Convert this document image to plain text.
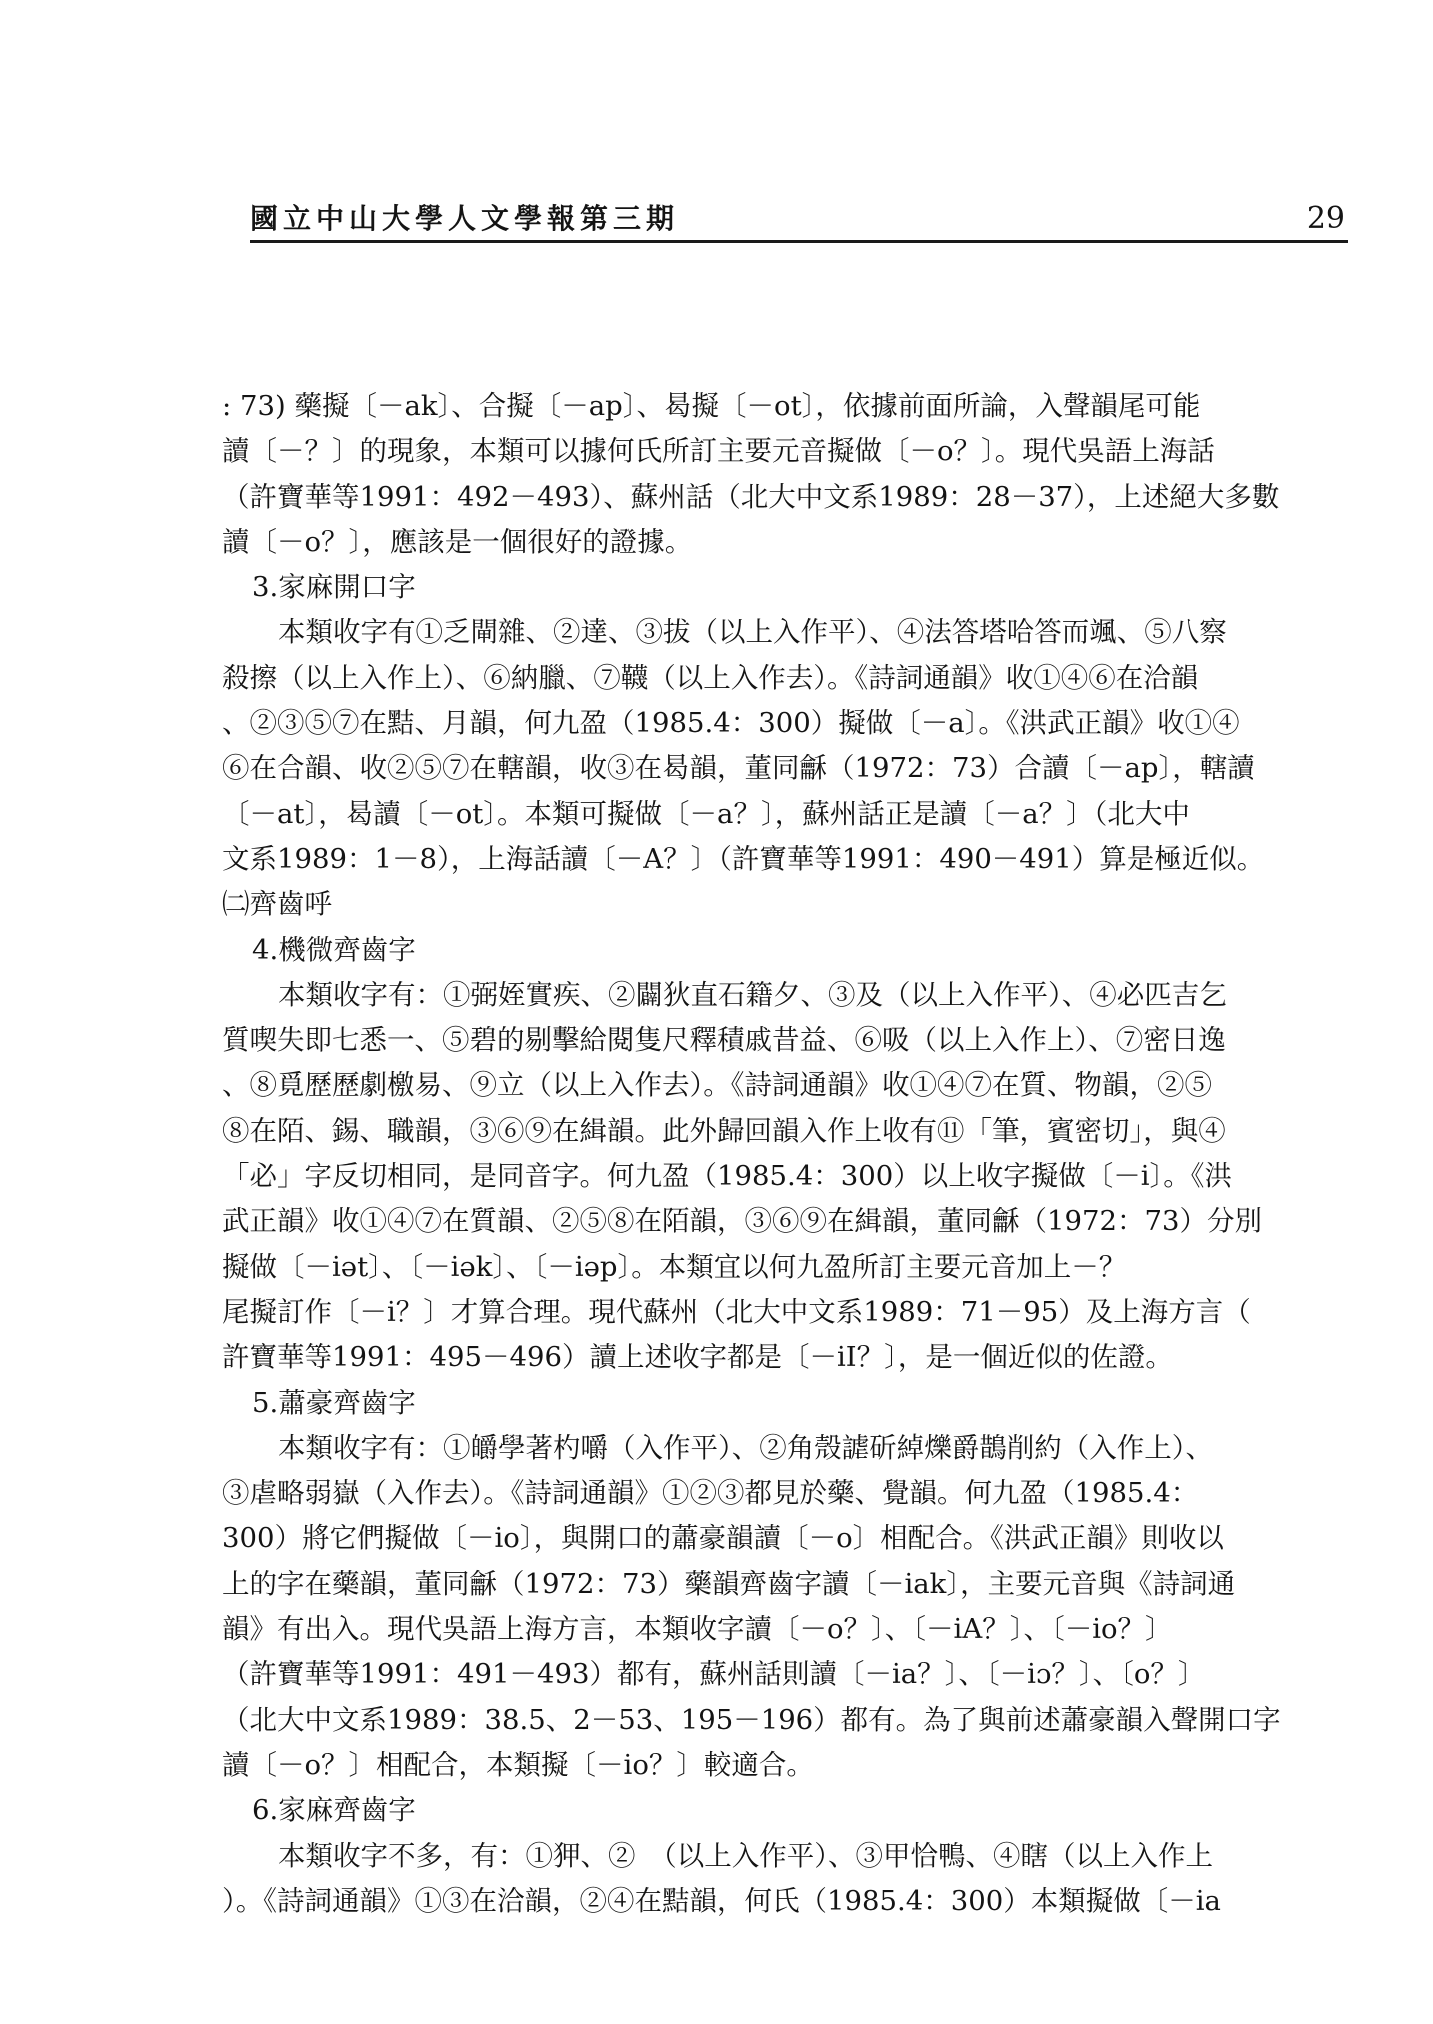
國立中山大學人文學報第三期	29
: 73) 藥擬〔－ak〕、合擬〔－ap〕、曷擬〔－ot〕，依據前面所論，入聲韻尾可能
讀〔－？〕的現象，本類可以據何氏所訂主要元音擬做〔－o？〕。現代吳語上海話
（許寶華等1991：492－493）、蘇州話（北大中文系1989：28－37），上述絕大多數
讀〔－o？〕，應該是一個很好的證據。
3.家麻開口字
本類收字有①乏閘雜、②達、③拔（以上入作平）、④法答塔哈答而颯、⑤八察
殺擦（以上入作上）、⑥納臘、⑦韈（以上入作去）。《詩詞通韻》收①④⑥在洽韻
、②③⑤⑦在黠、月韻，何九盈（1985.4：300）擬做〔－a〕。《洪武正韻》收①④
⑥在合韻、收②⑤⑦在轄韻，收③在曷韻，董同龢（1972：73）合讀〔－ap〕，轄讀
〔－at〕，曷讀〔－ot〕。本類可擬做〔－a？〕，蘇州話正是讀〔－a？〕（北大中
文系1989：1－8），上海話讀〔－A？〕（許寶華等1991：490－491）算是極近似。
㈡齊齒呼
4.機微齊齒字
本類收字有：①弼姪實疾、②闢狄直石籍夕、③及（以上入作平）、④必匹吉乞
質喫失即七悉一、⑤碧的剔擊給閱隻尺釋積戚昔益、⑥吸（以上入作上）、⑦密日逸
、⑧覓歷歷劇檄易、⑨立（以上入作去）。《詩詞通韻》收①④⑦在質、物韻，②⑤
⑧在陌、錫、職韻，③⑥⑨在緝韻。此外歸回韻入作上收有⑪「筆，賓密切」，與④
「必」字反切相同，是同音字。何九盈（1985.4：300）以上收字擬做〔－i〕。《洪
武正韻》收①④⑦在質韻、②⑤⑧在陌韻，③⑥⑨在緝韻，董同龢（1972：73）分別
擬做〔－iət〕、〔－iək〕、〔－iəp〕。本類宜以何九盈所訂主要元音加上－？
尾擬訂作〔－i？〕才算合理。現代蘇州（北大中文系1989：71－95）及上海方言（
許寶華等1991：495－496）讀上述收字都是〔－iI？〕，是一個近似的佐證。
5.蕭豪齊齒字
本類收字有：①皭學著杓嚼（入作平）、②角殼謔斫綽爍爵鵲削約（入作上）、
③虐略弱嶽（入作去）。《詩詞通韻》①②③都見於藥、覺韻。何九盈（1985.4：
300）將它們擬做〔－io〕，與開口的蕭豪韻讀〔－o〕相配合。《洪武正韻》則收以
上的字在藥韻，董同龢（1972：73）藥韻齊齒字讀〔－iak〕，主要元音與《詩詞通
韻》有出入。現代吳語上海方言，本類收字讀〔－o？〕、〔－iA？〕、〔－io？〕
（許寶華等1991：491－493）都有，蘇州話則讀〔－ia？〕、〔－iɔ？〕、〔o？〕
（北大中文系1989：38.5、2－53、195－196）都有。為了與前述蕭豪韻入聲開口字
讀〔－o？〕相配合，本類擬〔－io？〕較適合。
6.家麻齊齒字
本類收字不多，有：①狎、②　（以上入作平）、③甲恰鴨、④瞎（以上入作上
）。《詩詞通韻》①③在洽韻，②④在黠韻，何氏（1985.4：300）本類擬做〔－ia
